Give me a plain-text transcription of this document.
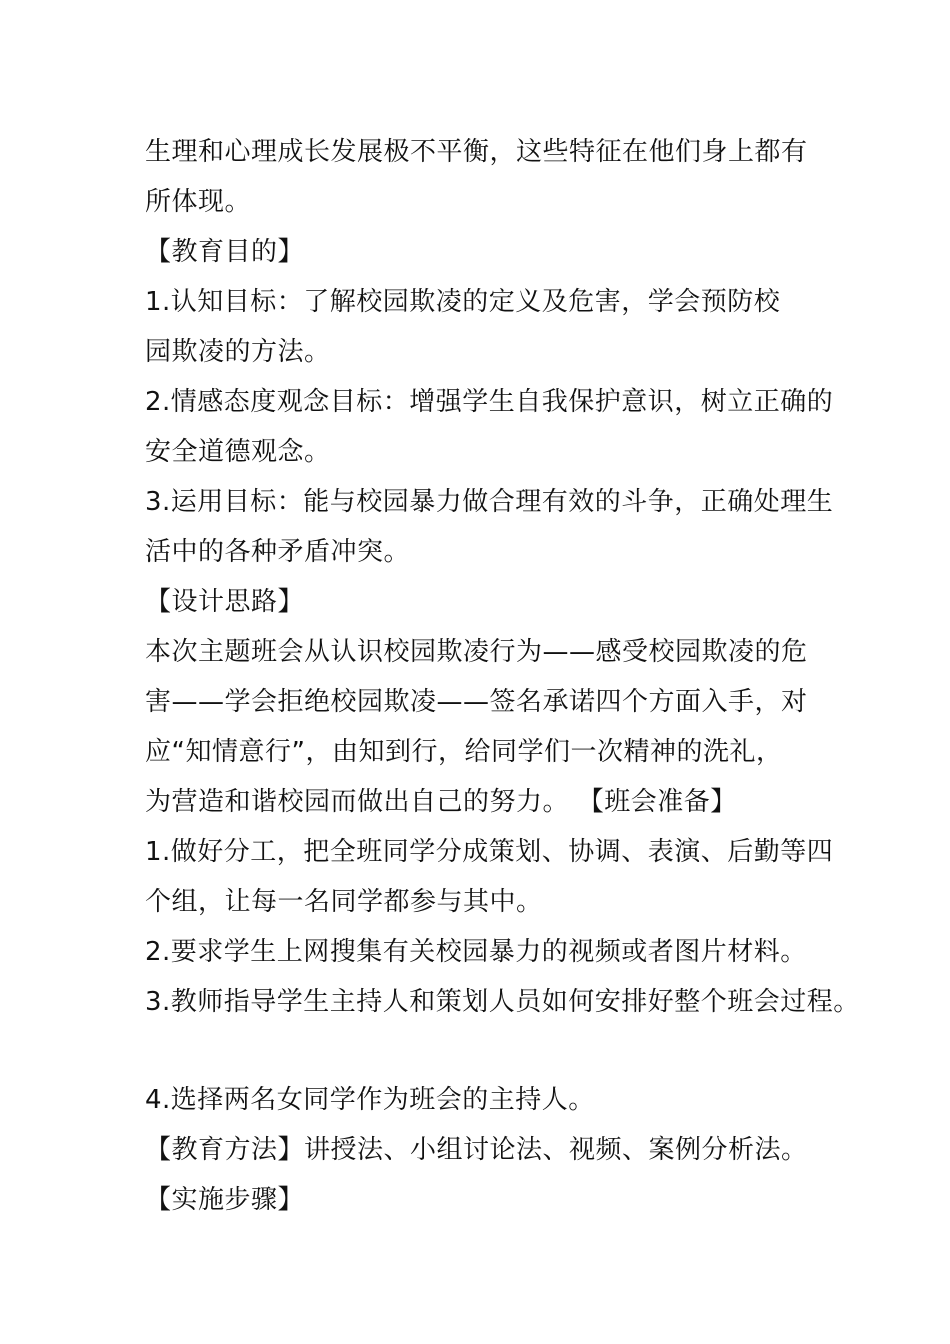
生理和心理成长发展极不平衡，这些特征在他们身上都有
所体现。
【教育目的】
1.认知目标：了解校园欺凌的定义及危害，学会预防校
园欺凌的方法。
2.情感态度观念目标：增强学生自我保护意识，树立正确的
安全道德观念。
3.运用目标：能与校园暴力做合理有效的斗争，正确处理生
活中的各种矛盾冲突。
【设计思路】
本次主题班会从认识校园欺凌行为——感受校园欺凌的危
害——学会拒绝校园欺凌——签名承诺四个方面入手，对
应“知情意行”，由知到行，给同学们一次精神的洗礼，
为营造和谐校园而做出自己的努力。 【班会准备】
1.做好分工，把全班同学分成策划、协调、表演、后勤等四
个组，让每一名同学都参与其中。
2.要求学生上网搜集有关校园暴力的视频或者图片材料。
3.教师指导学生主持人和策划人员如何安排好整个班会过程。
4.选择两名女同学作为班会的主持人。
【教育方法】讲授法、小组讨论法、视频、案例分析法。
【实施步骤】
